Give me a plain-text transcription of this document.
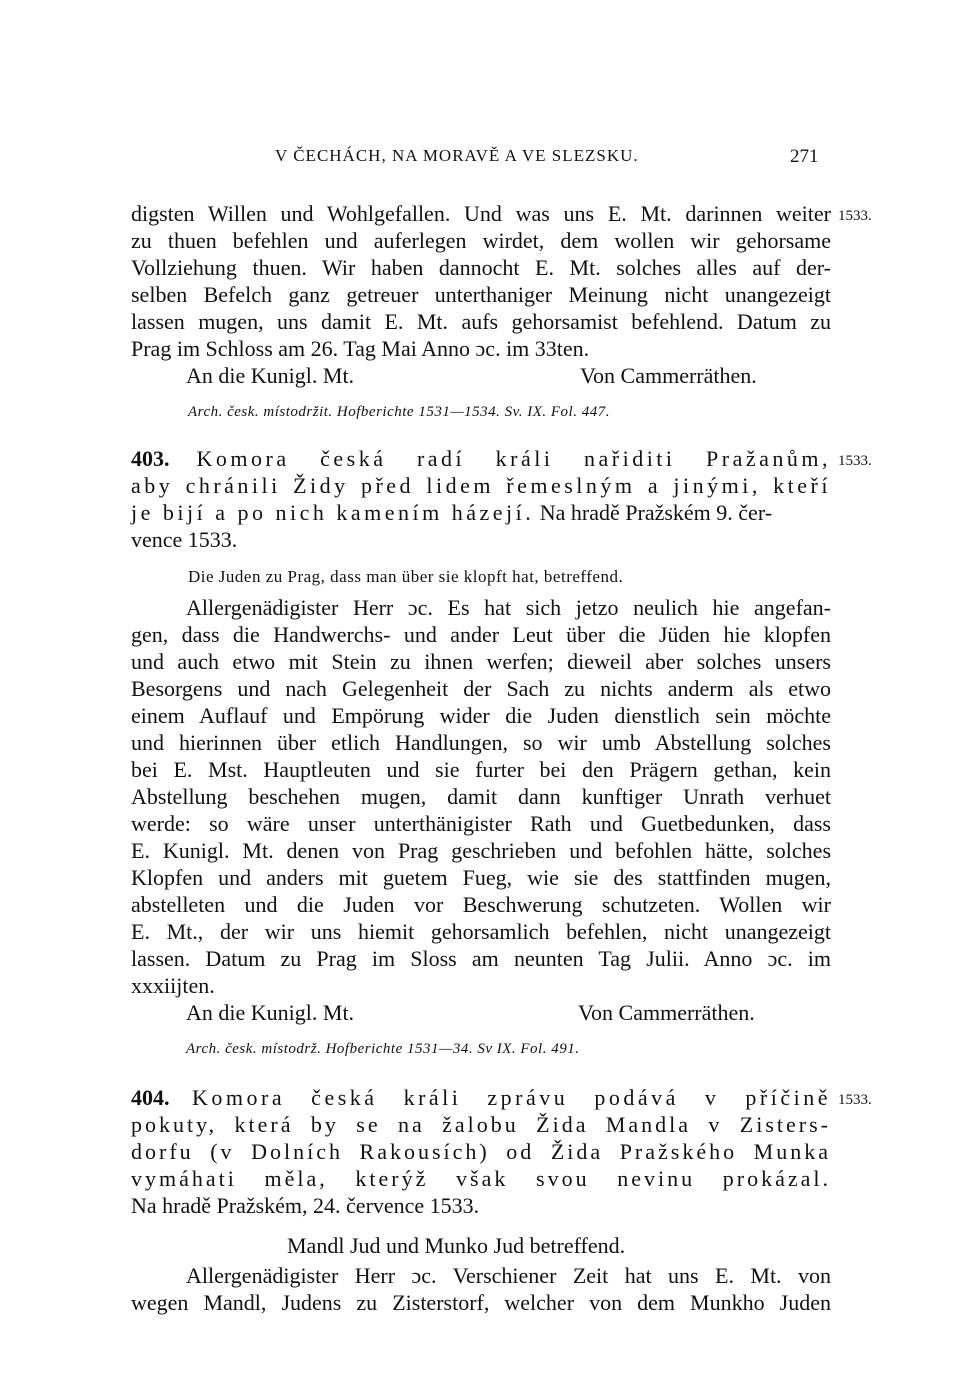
V ČECHÁCH, NA MORAVĚ A VE SLEZSKU.	271
digsten Willen und Wohlgefallen. Und was uns E. Mt. darinnen weiter
zu thuen befehlen und auferlegen wirdet, dem wollen wir gehorsame
Vollziehung thuen. Wir haben dannocht E. Mt. solches alles auf der-
selben Befelch ganz getreuer unterthaniger Meinung nicht unangezeigt
lassen mugen, uns damit E. Mt. aufs gehorsamist befehlend. Datum zu
Prag im Schloss am 26. Tag Mai Anno ɔc. im 33ten.
1533.
An die Kunigl. Mt.	Von Cammerräthen.
Arch. česk. místodržit. Hofberichte 1531—1534. Sv. IX. Fol. 447.
403. Komora česká radí králi nařiditi Pražanům, 1533.
aby chránili Židy před lidem řemeslným a jinými, kteří
je bijí a po nich kamením házejí. Na hradě Pražském 9. čer-
vence 1533.
Die Juden zu Prag, dass man über sie klopft hat, betreffend.
Allergenädigister Herr ɔc. Es hat sich jetzo neulich hie angefan-
gen, dass die Handwerchs- und ander Leut über die Jüden hie klopfen
und auch etwo mit Stein zu ihnen werfen; dieweil aber solches unsers
Besorgens und nach Gelegenheit der Sach zu nichts anderm als etwo
einem Auflauf und Empörung wider die Juden dienstlich sein möchte
und hierinnen über etlich Handlungen, so wir umb Abstellung solches
bei E. Mst. Hauptleuten und sie furter bei den Prägern gethan, kein
Abstellung beschehen mugen, damit dann kunftiger Unrath verhuet
werde: so wäre unser unterthänigister Rath und Guetbedunken, dass
E. Kunigl. Mt. denen von Prag geschrieben und befohlen hätte, solches
Klopfen und anders mit guetem Fueg, wie sie des stattfinden mugen,
abstelleten und die Juden vor Beschwerung schutzeten. Wollen wir
E. Mt., der wir uns hiemit gehorsamlich befehlen, nicht unangezeigt
lassen. Datum zu Prag im Sloss am neunten Tag Julii. Anno ɔc. im
xxxiijten.
An die Kunigl. Mt.	Von Cammerräthen.
Arch. česk. místodrž. Hofberichte 1531—34. Sv IX. Fol. 491.
404. Komora česká králi zprávu podává v příčině 1533.
pokuty, která by se na žalobu Žida Mandla v Zisters-
dorfu (v Dolních Rakousích) od Žida Pražského Munka
vymáhati měla, kterýž však svou nevinu prokázal.
Na hradě Pražském, 24. července 1533.
Mandl Jud und Munko Jud betreffend.
Allergenädigister Herr ɔc. Verschiener Zeit hat uns E. Mt. von
wegen Mandl, Judens zu Zisterstorf, welcher von dem Munkho Juden
